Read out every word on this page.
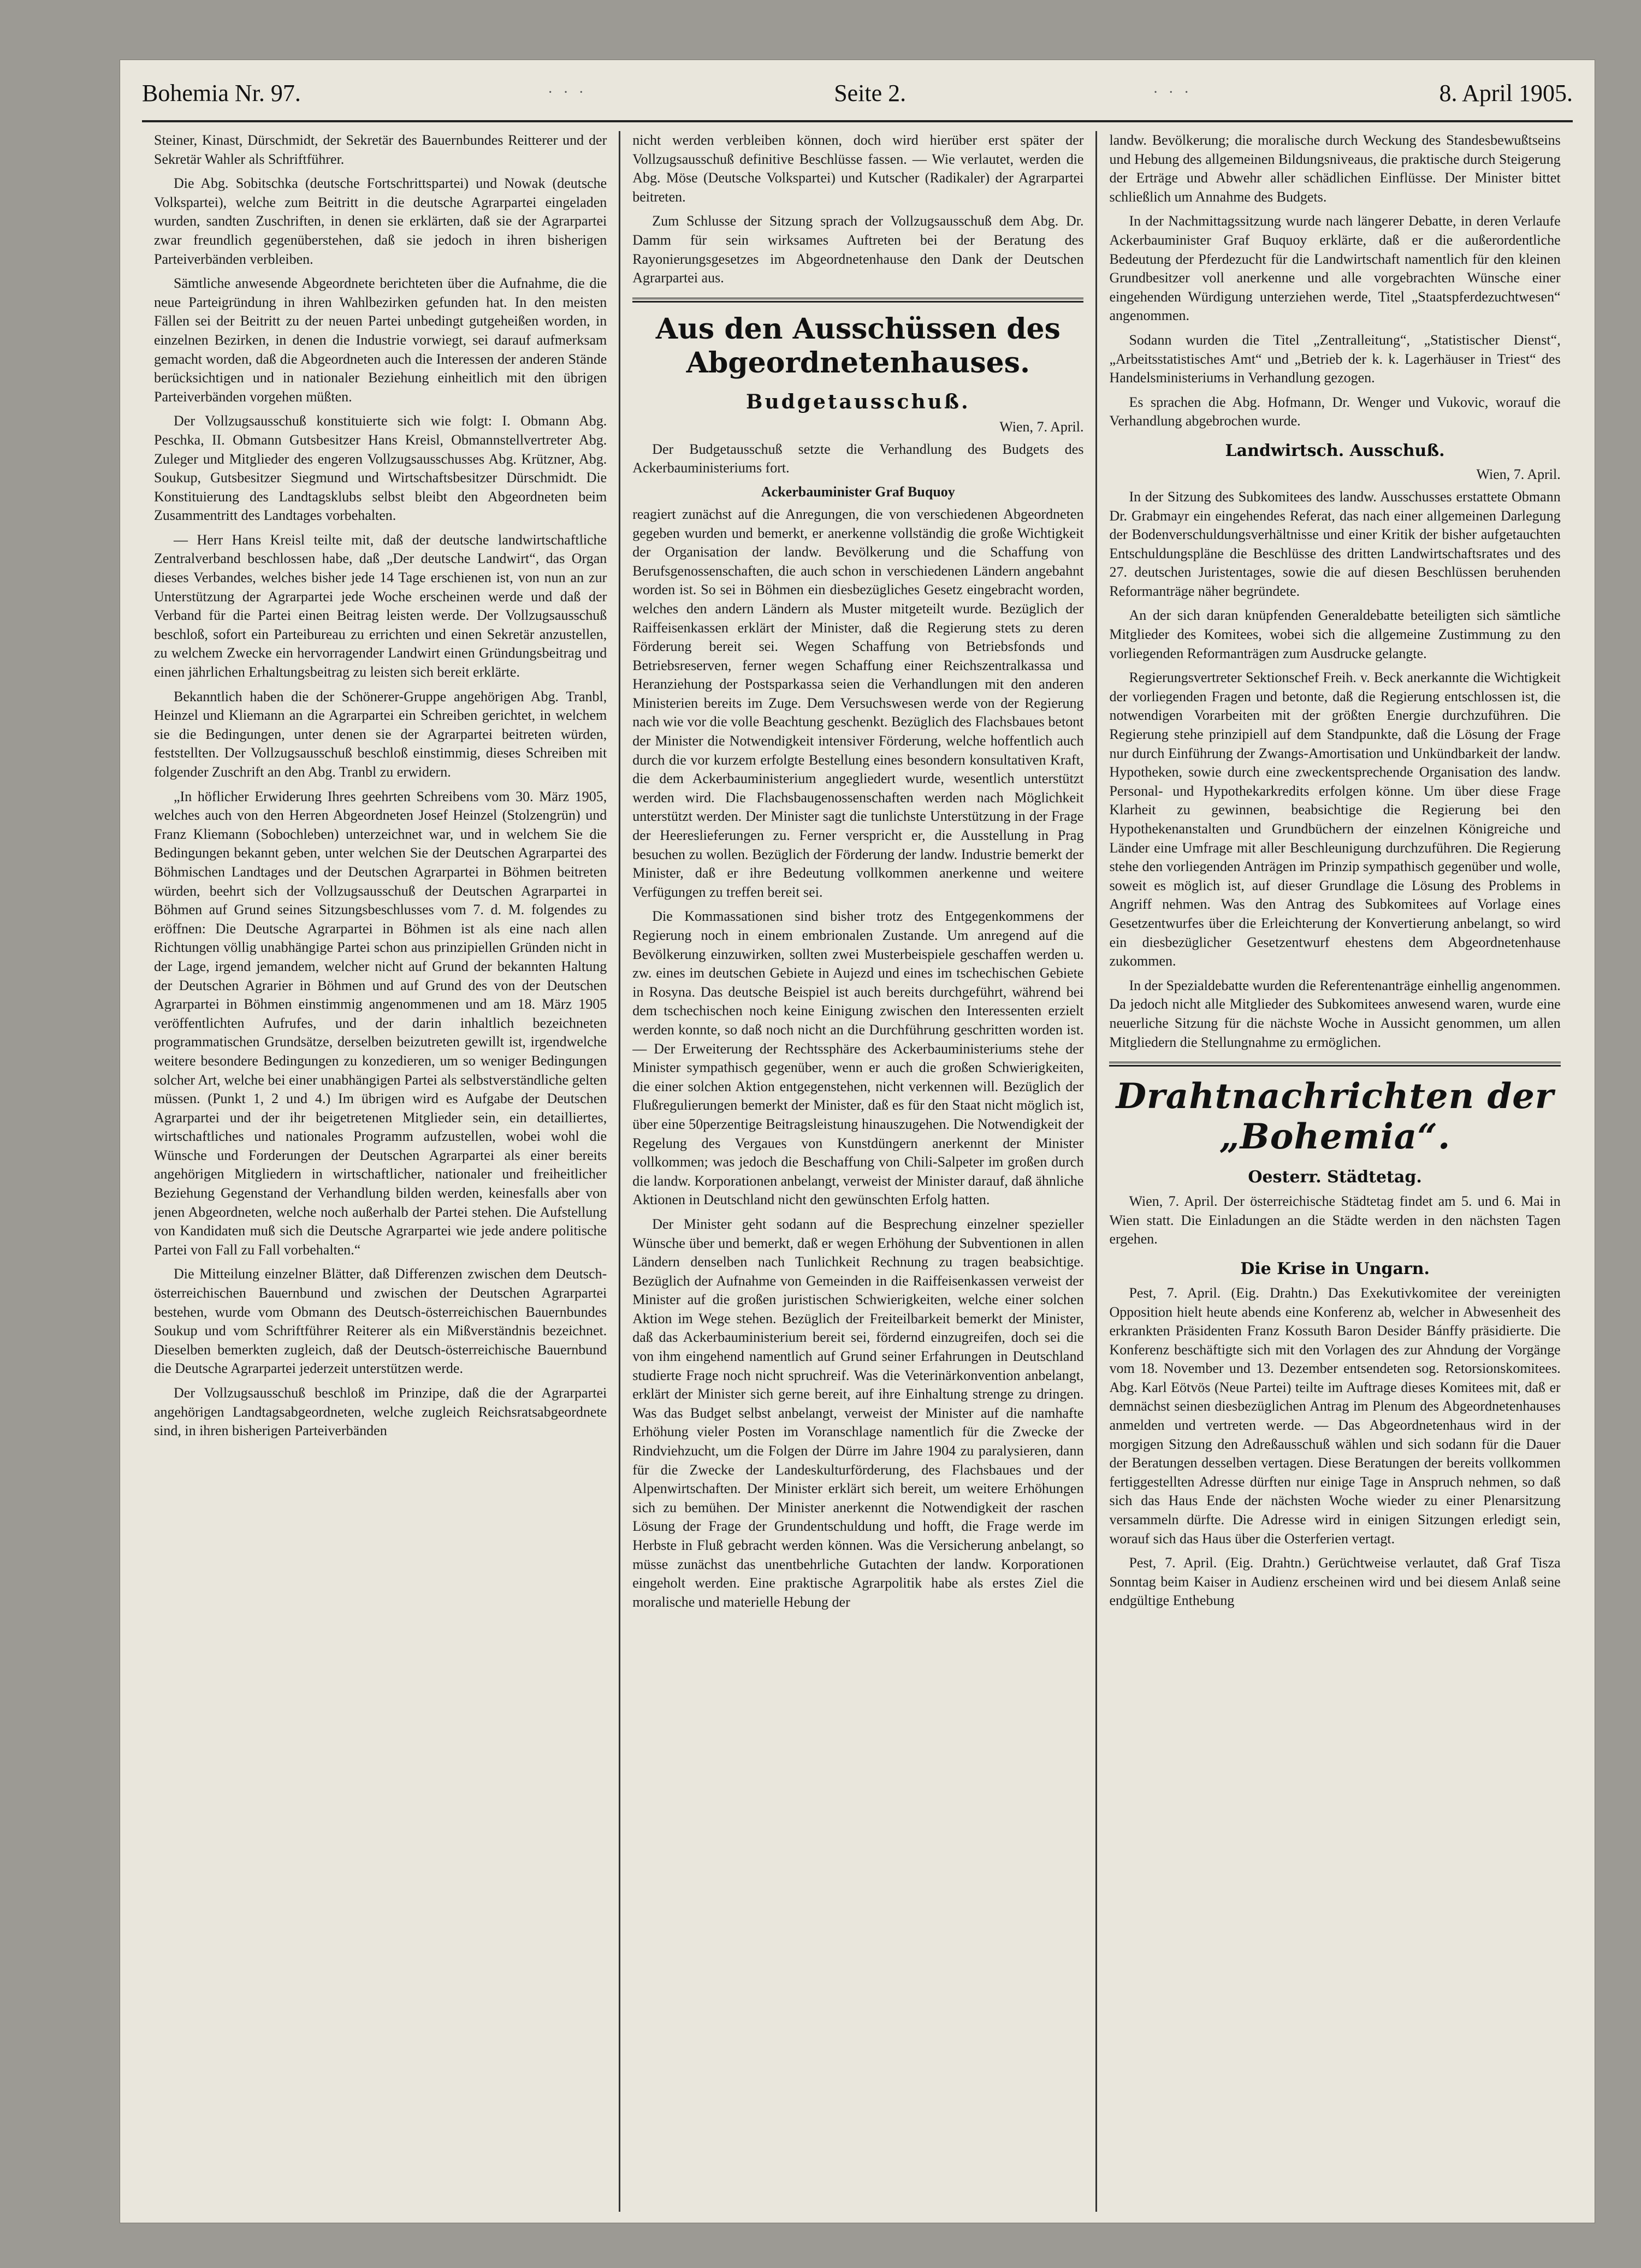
Bohemia Nr. 97.	· · ·	Seite 2.	· · ·	8. April 1905.

Steiner, Kinast, Dürschmidt, der Sekretär des Bauernbundes Reitterer und der Sekretär Wahler als Schriftführer.

Die Abg. Sobitschka (deutsche Fortschrittspartei) und Nowak (deutsche Volkspartei), welche zum Beitritt in die deutsche Agrarpartei eingeladen wurden, sandten Zuschriften, in denen sie erklärten, daß sie der Agrarpartei zwar freundlich gegenüberstehen, daß sie jedoch in ihren bisherigen Parteiverbänden verbleiben.

Sämtliche anwesende Abgeordnete berichteten über die Aufnahme, die die neue Parteigründung in ihren Wahlbezirken gefunden hat. In den meisten Fällen sei der Beitritt zu der neuen Partei unbedingt gutgeheißen worden, in einzelnen Bezirken, in denen die Industrie vorwiegt, sei darauf aufmerksam gemacht worden, daß die Abgeordneten auch die Interessen der anderen Stände berücksichtigen und in nationaler Beziehung einheitlich mit den übrigen Parteiverbänden vorgehen müßten.

Der Vollzugsausschuß konstituierte sich wie folgt: I. Obmann Abg. Peschka, II. Obmann Gutsbesitzer Hans Kreisl, Obmannstellvertreter Abg. Zuleger und Mitglieder des engeren Vollzugsausschusses Abg. Krützner, Abg. Soukup, Gutsbesitzer Siegmund und Wirtschaftsbesitzer Dürschmidt. Die Konstituierung des Landtagsklubs selbst bleibt den Abgeordneten beim Zusammentritt des Landtages vorbehalten.

— Herr Hans Kreisl teilte mit, daß der deutsche landwirtschaftliche Zentralverband beschlossen habe, daß „Der deutsche Landwirt“, das Organ dieses Verbandes, welches bisher jede 14 Tage erschienen ist, von nun an zur Unterstützung der Agrarpartei jede Woche erscheinen werde und daß der Verband für die Partei einen Beitrag leisten werde. Der Vollzugsausschuß beschloß, sofort ein Parteibureau zu errichten und einen Sekretär anzustellen, zu welchem Zwecke ein hervorragender Landwirt einen Gründungsbeitrag und einen jährlichen Erhaltungsbeitrag zu leisten sich bereit erklärte.

Bekanntlich haben die der Schönerer-Gruppe angehörigen Abg. Tranbl, Heinzel und Kliemann an die Agrarpartei ein Schreiben gerichtet, in welchem sie die Bedingungen, unter denen sie der Agrarpartei beitreten würden, feststellten. Der Vollzugsausschuß beschloß einstimmig, dieses Schreiben mit folgender Zuschrift an den Abg. Tranbl zu erwidern.

„In höflicher Erwiderung Ihres geehrten Schreibens vom 30. März 1905, welches auch von den Herren Abgeordneten Josef Heinzel (Stolzengrün) und Franz Kliemann (Sobochleben) unterzeichnet war, und in welchem Sie die Bedingungen bekannt geben, unter welchen Sie der Deutschen Agrarpartei des Böhmischen Landtages und der Deutschen Agrarpartei in Böhmen beitreten würden, beehrt sich der Vollzugsausschuß der Deutschen Agrarpartei in Böhmen auf Grund seines Sitzungsbeschlusses vom 7. d. M. folgendes zu eröffnen: Die Deutsche Agrarpartei in Böhmen ist als eine nach allen Richtungen völlig unabhängige Partei schon aus prinzipiellen Gründen nicht in der Lage, irgend jemandem, welcher nicht auf Grund der bekannten Haltung der Deutschen Agrarier in Böhmen und auf Grund des von der Deutschen Agrarpartei in Böhmen einstimmig angenommenen und am 18. März 1905 veröffentlichten Aufrufes, und der darin inhaltlich bezeichneten programmatischen Grundsätze, derselben beizutreten gewillt ist, irgendwelche weitere besondere Bedingungen zu konzedieren, um so weniger Bedingungen solcher Art, welche bei einer unabhängigen Partei als selbstverständliche gelten müssen. (Punkt 1, 2 und 4.) Im übrigen wird es Aufgabe der Deutschen Agrarpartei und der ihr beigetretenen Mitglieder sein, ein detailliertes, wirtschaftliches und nationales Programm aufzustellen, wobei wohl die Wünsche und Forderungen der Deutschen Agrarpartei als einer bereits angehörigen Mitgliedern in wirtschaftlicher, nationaler und freiheitlicher Beziehung Gegenstand der Verhandlung bilden werden, keinesfalls aber von jenen Abgeordneten, welche noch außerhalb der Partei stehen. Die Aufstellung von Kandidaten muß sich die Deutsche Agrarpartei wie jede andere politische Partei von Fall zu Fall vorbehalten.“

Die Mitteilung einzelner Blätter, daß Differenzen zwischen dem Deutsch-österreichischen Bauernbund und zwischen der Deutschen Agrarpartei bestehen, wurde vom Obmann des Deutsch-österreichischen Bauernbundes Soukup und vom Schriftführer Reiterer als ein Mißverständnis bezeichnet. Dieselben bemerkten zugleich, daß der Deutsch-österreichische Bauernbund die Deutsche Agrarpartei jederzeit unterstützen werde.

Der Vollzugsausschuß beschloß im Prinzipe, daß die der Agrarpartei angehörigen Landtagsabgeordneten, welche zugleich Reichsratsabgeordnete sind, in ihren bisherigen Parteiverbänden

nicht werden verbleiben können, doch wird hierüber erst später der Vollzugsausschuß definitive Beschlüsse fassen. — Wie verlautet, werden die Abg. Möse (Deutsche Volkspartei) und Kutscher (Radikaler) der Agrarpartei beitreten.

Zum Schlusse der Sitzung sprach der Vollzugsausschuß dem Abg. Dr. Damm für sein wirksames Auftreten bei der Beratung des Rayonierungsgesetzes im Abgeordnetenhause den Dank der Deutschen Agrarpartei aus.

Aus den Ausschüssen des Abgeordnetenhauses.
Budgetausschuß.
Wien, 7. April.

Der Budgetausschuß setzte die Verhandlung des Budgets des Ackerbauministeriums fort.

Ackerbauminister Graf Buquoy

reagiert zunächst auf die Anregungen, die von verschiedenen Abgeordneten gegeben wurden und bemerkt, er anerkenne vollständig die große Wichtigkeit der Organisation der landw. Bevölkerung und die Schaffung von Berufsgenossenschaften, die auch schon in verschiedenen Ländern angebahnt worden ist. So sei in Böhmen ein diesbezügliches Gesetz eingebracht worden, welches den andern Ländern als Muster mitgeteilt wurde. Bezüglich der Raiffeisenkassen erklärt der Minister, daß die Regierung stets zu deren Förderung bereit sei. Wegen Schaffung von Betriebsfonds und Betriebsreserven, ferner wegen Schaffung einer Reichszentralkassa und Heranziehung der Postsparkassa seien die Verhandlungen mit den anderen Ministerien bereits im Zuge. Dem Versuchswesen werde von der Regierung nach wie vor die volle Beachtung geschenkt. Bezüglich des Flachsbaues betont der Minister die Notwendigkeit intensiver Förderung, welche hoffentlich auch durch die vor kurzem erfolgte Bestellung eines besondern konsultativen Kraft, die dem Ackerbauministerium angegliedert wurde, wesentlich unterstützt werden wird. Die Flachsbaugenossenschaften werden nach Möglichkeit unterstützt werden. Der Minister sagt die tunlichste Unterstützung in der Frage der Heereslieferungen zu. Ferner verspricht er, die Ausstellung in Prag besuchen zu wollen. Bezüglich der Förderung der landw. Industrie bemerkt der Minister, daß er ihre Bedeutung vollkommen anerkenne und weitere Verfügungen zu treffen bereit sei.

Die Kommassationen sind bisher trotz des Entgegenkommens der Regierung noch in einem embrionalen Zustande. Um anregend auf die Bevölkerung einzuwirken, sollten zwei Musterbeispiele geschaffen werden u. zw. eines im deutschen Gebiete in Aujezd und eines im tschechischen Gebiete in Rosyna. Das deutsche Beispiel ist auch bereits durchgeführt, während bei dem tschechischen noch keine Einigung zwischen den Interessenten erzielt werden konnte, so daß noch nicht an die Durchführung geschritten worden ist. — Der Erweiterung der Rechtssphäre des Ackerbauministeriums stehe der Minister sympathisch gegenüber, wenn er auch die großen Schwierigkeiten, die einer solchen Aktion entgegenstehen, nicht verkennen will. Bezüglich der Flußregulierungen bemerkt der Minister, daß es für den Staat nicht möglich ist, über eine 50perzentige Beitragsleistung hinauszugehen. Die Notwendigkeit der Regelung des Vergaues von Kunstdüngern anerkennt der Minister vollkommen; was jedoch die Beschaffung von Chili-Salpeter im großen durch die landw. Korporationen anbelangt, verweist der Minister darauf, daß ähnliche Aktionen in Deutschland nicht den gewünschten Erfolg hatten.

Der Minister geht sodann auf die Besprechung einzelner spezieller Wünsche über und bemerkt, daß er wegen Erhöhung der Subventionen in allen Ländern denselben nach Tunlichkeit Rechnung zu tragen beabsichtige. Bezüglich der Aufnahme von Gemeinden in die Raiffeisenkassen verweist der Minister auf die großen juristischen Schwierigkeiten, welche einer solchen Aktion im Wege stehen. Bezüglich der Freiteilbarkeit bemerkt der Minister, daß das Ackerbauministerium bereit sei, fördernd einzugreifen, doch sei die von ihm eingehend namentlich auf Grund seiner Erfahrungen in Deutschland studierte Frage noch nicht spruchreif. Was die Veterinärkonvention anbelangt, erklärt der Minister sich gerne bereit, auf ihre Einhaltung strenge zu dringen. Was das Budget selbst anbelangt, verweist der Minister auf die namhafte Erhöhung vieler Posten im Voranschlage namentlich für die Zwecke der Rindviehzucht, um die Folgen der Dürre im Jahre 1904 zu paralysieren, dann für die Zwecke der Landeskulturförderung, des Flachsbaues und der Alpenwirtschaften. Der Minister erklärt sich bereit, um weitere Erhöhungen sich zu bemühen. Der Minister anerkennt die Notwendigkeit der raschen Lösung der Frage der Grundentschuldung und hofft, die Frage werde im Herbste in Fluß gebracht werden können. Was die Versicherung anbelangt, so müsse zunächst das unentbehrliche Gutachten der landw. Korporationen eingeholt werden. Eine praktische Agrarpolitik habe als erstes Ziel die moralische und materielle Hebung der

landw. Bevölkerung; die moralische durch Weckung des Standesbewußtseins und Hebung des allgemeinen Bildungsniveaus, die praktische durch Steigerung der Erträge und Abwehr aller schädlichen Einflüsse. Der Minister bittet schließlich um Annahme des Budgets.

In der Nachmittagssitzung wurde nach längerer Debatte, in deren Verlaufe Ackerbauminister Graf Buquoy erklärte, daß er die außerordentliche Bedeutung der Pferdezucht für die Landwirtschaft namentlich für den kleinen Grundbesitzer voll anerkenne und alle vorgebrachten Wünsche einer eingehenden Würdigung unterziehen werde, Titel „Staatspferdezuchtwesen“ angenommen.

Sodann wurden die Titel „Zentralleitung“, „Statistischer Dienst“, „Arbeitsstatistisches Amt“ und „Betrieb der k. k. Lagerhäuser in Triest“ des Handelsministeriums in Verhandlung gezogen.

Es sprachen die Abg. Hofmann, Dr. Wenger und Vukovic, worauf die Verhandlung abgebrochen wurde.

Landwirtsch. Ausschuß.
Wien, 7. April.

In der Sitzung des Subkomitees des landw. Ausschusses erstattete Obmann Dr. Grabmayr ein eingehendes Referat, das nach einer allgemeinen Darlegung der Bodenverschuldungsverhältnisse und einer Kritik der bisher aufgetauchten Entschuldungspläne die Beschlüsse des dritten Landwirtschaftsrates und des 27. deutschen Juristentages, sowie die auf diesen Beschlüssen beruhenden Reformanträge näher begründete.

An der sich daran knüpfenden Generaldebatte beteiligten sich sämtliche Mitglieder des Komitees, wobei sich die allgemeine Zustimmung zu den vorliegenden Reformanträgen zum Ausdrucke gelangte.

Regierungsvertreter Sektionschef Freih. v. Beck anerkannte die Wichtigkeit der vorliegenden Fragen und betonte, daß die Regierung entschlossen ist, die notwendigen Vorarbeiten mit der größten Energie durchzuführen. Die Regierung stehe prinzipiell auf dem Standpunkte, daß die Lösung der Frage nur durch Einführung der Zwangs-Amortisation und Unkündbarkeit der landw. Hypotheken, sowie durch eine zweckentsprechende Organisation des landw. Personal- und Hypothekarkredits erfolgen könne. Um über diese Frage Klarheit zu gewinnen, beabsichtige die Regierung bei den Hypothekenanstalten und Grundbüchern der einzelnen Königreiche und Länder eine Umfrage mit aller Beschleunigung durchzuführen. Die Regierung stehe den vorliegenden Anträgen im Prinzip sympathisch gegenüber und wolle, soweit es möglich ist, auf dieser Grundlage die Lösung des Problems in Angriff nehmen. Was den Antrag des Subkomitees auf Vorlage eines Gesetzentwurfes über die Erleichterung der Konvertierung anbelangt, so wird ein diesbezüglicher Gesetzentwurf ehestens dem Abgeordnetenhause zukommen.

In der Spezialdebatte wurden die Referentenanträge einhellig angenommen. Da jedoch nicht alle Mitglieder des Subkomitees anwesend waren, wurde eine neuerliche Sitzung für die nächste Woche in Aussicht genommen, um allen Mitgliedern die Stellungnahme zu ermöglichen.

Drahtnachrichten der „Bohemia“.
Oesterr. Städtetag.

Wien, 7. April. Der österreichische Städtetag findet am 5. und 6. Mai in Wien statt. Die Einladungen an die Städte werden in den nächsten Tagen ergehen.

Die Krise in Ungarn.

Pest, 7. April. (Eig. Drahtn.) Das Exekutivkomitee der vereinigten Opposition hielt heute abends eine Konferenz ab, welcher in Abwesenheit des erkrankten Präsidenten Franz Kossuth Baron Desider Bánffy präsidierte. Die Konferenz beschäftigte sich mit den Vorlagen des zur Ahndung der Vorgänge vom 18. November und 13. Dezember entsendeten sog. Retorsionskomitees. Abg. Karl Eötvös (Neue Partei) teilte im Auftrage dieses Komitees mit, daß er demnächst seinen diesbezüglichen Antrag im Plenum des Abgeordnetenhauses anmelden und vertreten werde. — Das Abgeordnetenhaus wird in der morgigen Sitzung den Adreßausschuß wählen und sich sodann für die Dauer der Beratungen desselben vertagen. Diese Beratungen der bereits vollkommen fertiggestellten Adresse dürften nur einige Tage in Anspruch nehmen, so daß sich das Haus Ende der nächsten Woche wieder zu einer Plenarsitzung versammeln dürfte. Die Adresse wird in einigen Sitzungen erledigt sein, worauf sich das Haus über die Osterferien vertagt.

Pest, 7. April. (Eig. Drahtn.) Gerüchtweise verlautet, daß Graf Tisza Sonntag beim Kaiser in Audienz erscheinen wird und bei diesem Anlaß seine endgültige Enthebung
